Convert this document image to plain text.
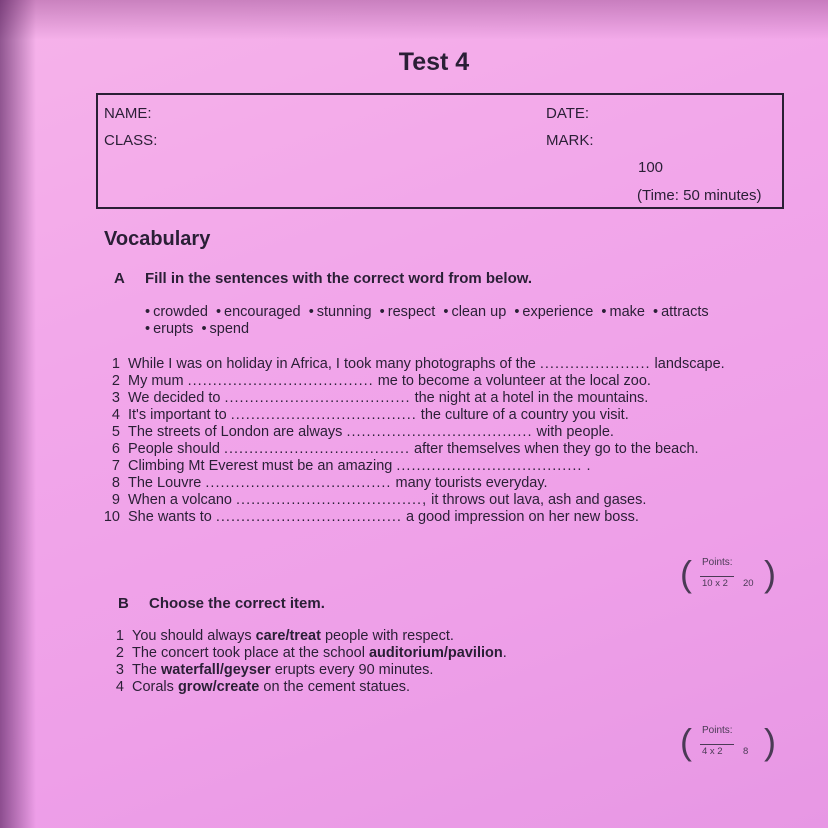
Test 4
NAME:
CLASS:
DATE:
MARK:
100
(Time: 50 minutes)
Vocabulary
A Fill in the sentences with the correct word from below.
• crowded • encouraged • stunning • respect • clean up • experience • make • attracts
• erupts • spend
1 While I was on holiday in Africa, I took many photographs of the ...................... landscape.
2 My mum ..................................... me to become a volunteer at the local zoo.
3 We decided to ..................................... the night at a hotel in the mountains.
4 It's important to ..................................... the culture of a country you visit.
5 The streets of London are always ..................................... with people.
6 People should ..................................... after themselves when they go to the beach.
7 Climbing Mt Everest must be an amazing ..................................... .
8 The Louvre ..................................... many tourists everyday.
9 When a volcano ....................................., it throws out lava, ash and gases.
10 She wants to ..................................... a good impression on her new boss.
( Points:
10 x 2 20 )
B Choose the correct item.
1 You should always care/treat people with respect.
2 The concert took place at the school auditorium/pavilion.
3 The waterfall/geyser erupts every 90 minutes.
4 Corals grow/create on the cement statues.
( Points:
4 x 2 8 )
